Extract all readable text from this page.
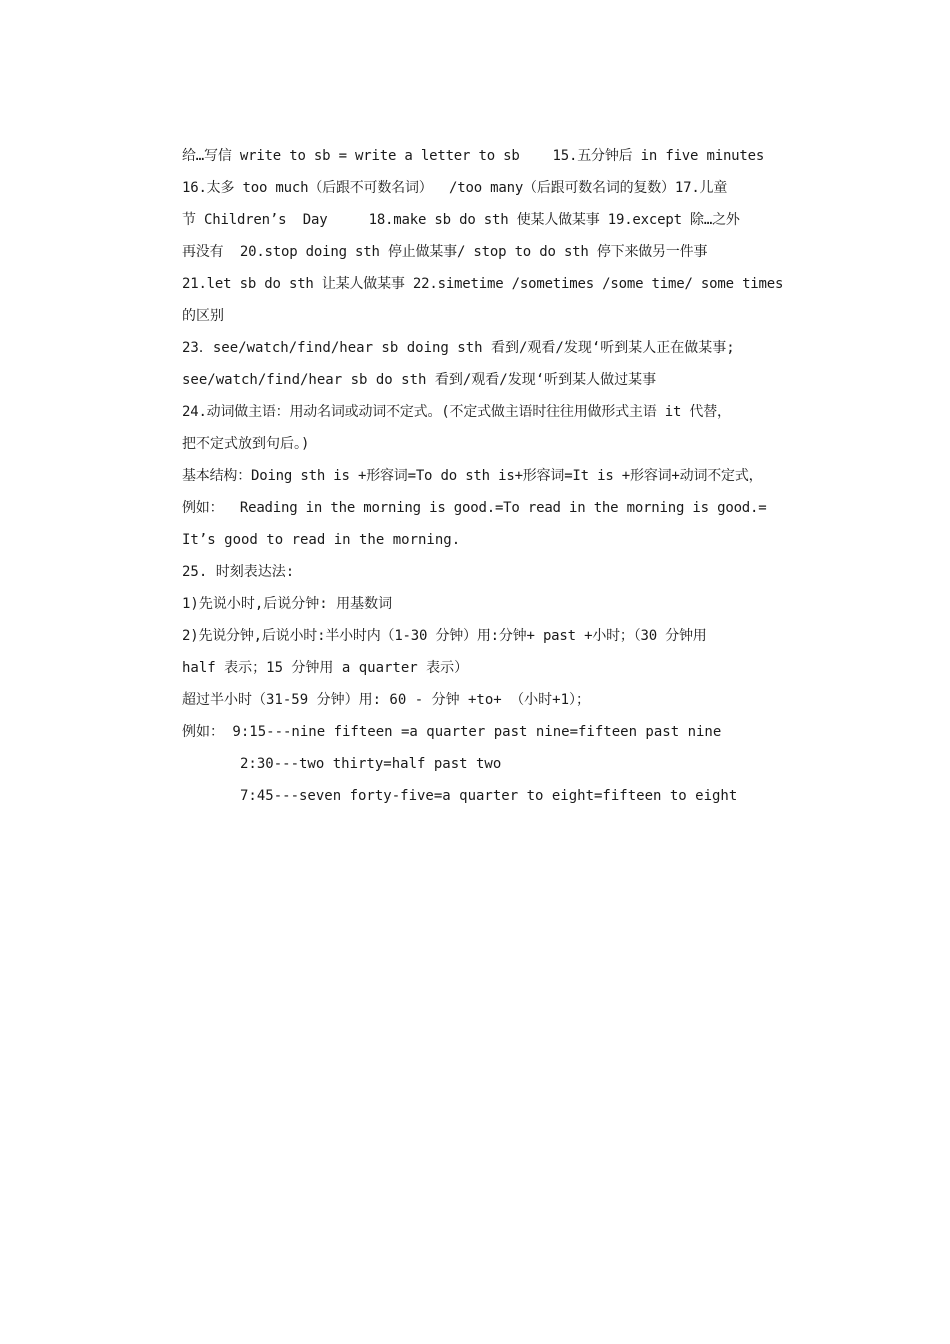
给…写信 write to sb = write a letter to sb    15.五分钟后 in five minutes
16.太多 too much（后跟不可数名词）  /too many（后跟可数名词的复数）17.儿童
节 Children’s  Day     18.make sb do sth 使某人做某事 19.except 除…之外
再没有  20.stop doing sth 停止做某事/ stop to do sth 停下来做另一件事
21.let sb do sth 让某人做某事 22.simetime /sometimes /some time/ some times
的区别
23．see/watch/find/hear sb doing sth 看到/观看/发现‘听到某人正在做某事;
see/watch/find/hear sb do sth 看到/观看/发现‘听到某人做过某事
24.动词做主语：用动名词或动词不定式。(不定式做主语时往往用做形式主语 it 代替，
把不定式放到句后。)
基本结构：Doing sth is +形容词=To do sth is+形容词=It is +形容词+动词不定式，
例如：  Reading in the morning is good.=To read in the morning is good.=
It’s good to read in the morning.
25. 时刻表达法:
1)先说小时,后说分钟: 用基数词
2)先说分钟,后说小时:半小时内（1-30 分钟）用:分钟+ past +小时；（30 分钟用
half 表示；15 分钟用 a quarter 表示）
超过半小时（31-59 分钟）用: 60 - 分钟 +to+ （小时+1）；
例如： 9:15---nine fifteen =a quarter past nine=fifteen past nine
2:30---two thirty=half past two
7:45---seven forty-five=a quarter to eight=fifteen to eight
